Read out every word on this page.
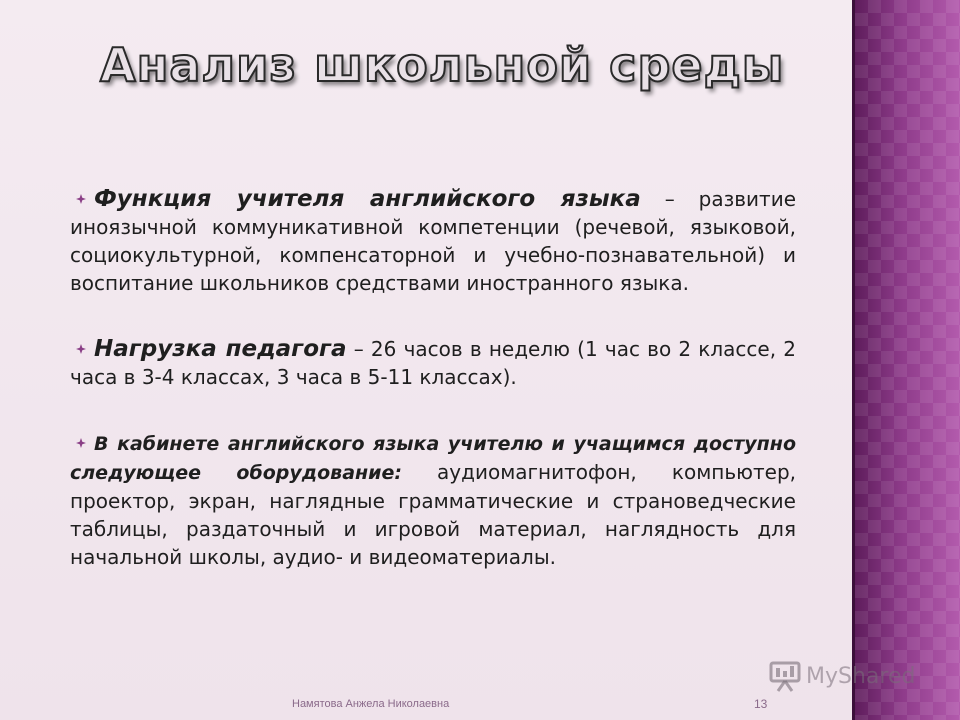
Анализ школьной среды

Функция учителя английского языка – развитие иноязычной коммуникативной компетенции (речевой, языковой, социокультурной, компенсаторной и учебно-познавательной) и воспитание школьников средствами иностранного языка.

Нагрузка педагога – 26 часов в неделю (1 час во 2 классе, 2 часа в 3-4 классах, 3 часа в 5-11 классах).

В кабинете английского языка учителю и учащимся доступно следующее оборудование: аудиомагнитофон, компьютер, проектор, экран, наглядные грамматические и страноведческие таблицы, раздаточный и игровой материал, наглядность для начальной школы, аудио- и видеоматериалы.

MyShared
Намятова Анжела Николаевна	13
